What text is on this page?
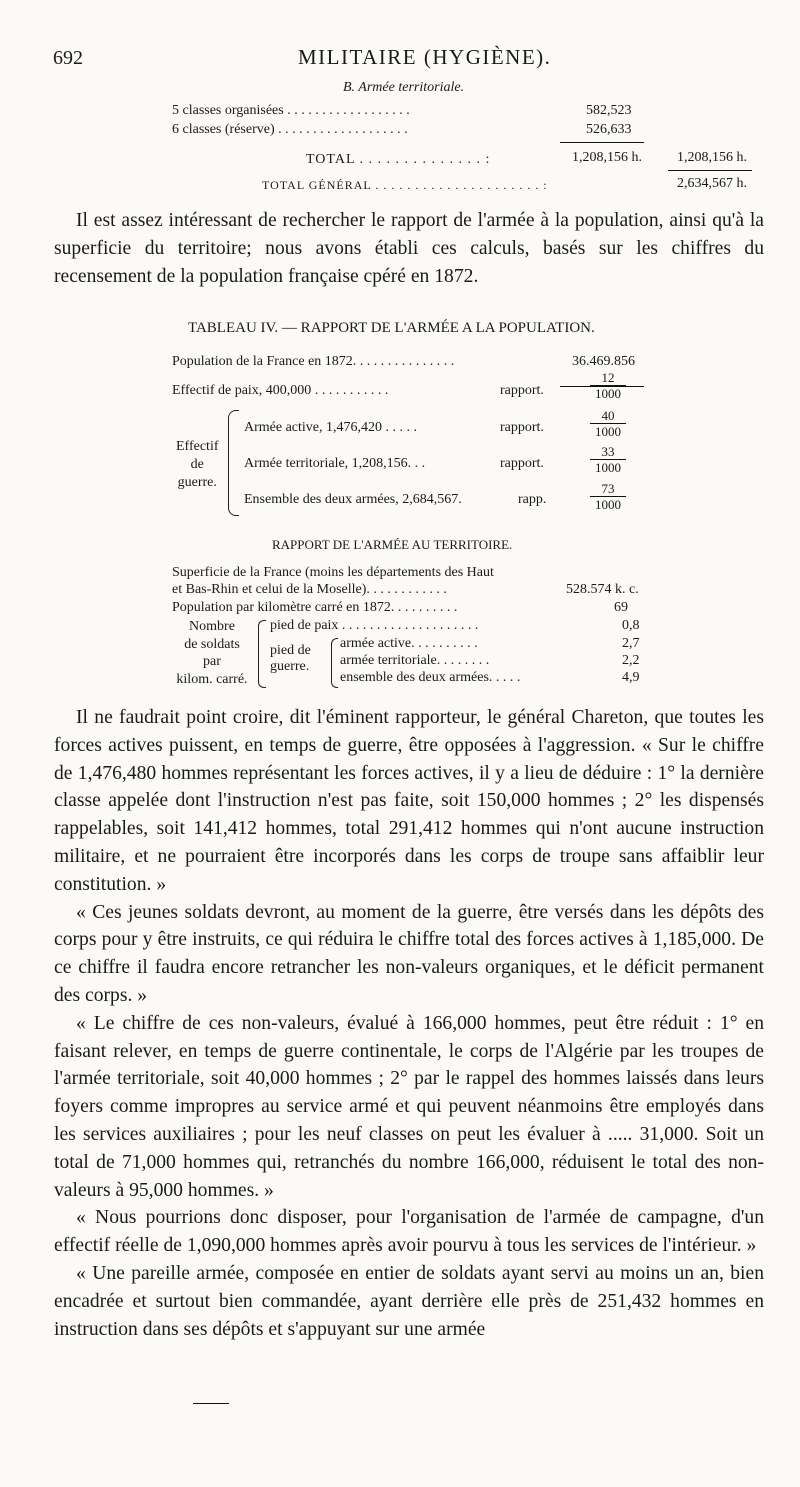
692	MILITAIRE (HYGIÈNE).
B. Armée territoriale.
5 classes organisées . . . . . . . . . . . . . . . . . .	582,523
6 classes (réserve) . . . . . . . . . . . . . . . . . . .	526,633
TOTAL . . . . . . . . . . . . . . :	1,208,156 h.	1,208,156 h.
TOTAL GÉNÉRAL . . . . . . . . . . . . . . . . . . . . . :	2,634,567 h.

Il est assez intéressant de rechercher le rapport de l'armée à la population, ainsi qu'à la superficie du territoire; nous avons établi ces calculs, basés sur les chiffres du recensement de la population française cpéré en 1872.

TABLEAU IV. — RAPPORT DE L'ARMÉE A LA POPULATION.
Population de la France en 1872. . . . . . . . . . . . . . .	36.469.856
Effectif de paix, 400,000 . . . . . . . . . . .	rapport.
12
1000
Effectif
de
guerre.
Armée active, 1,476,420 . . . . .	rapport.
40
1000
Armée territoriale, 1,208,156. . .	rapport.
33
1000
Ensemble des deux armées, 2,684,567.	rapp.
73
1000
RAPPORT DE L'ARMÉE AU TERRITOIRE.
Superficie de la France (moins les départements des Haut
et Bas-Rhin et celui de la Moselle). . . . . . . . . . . .	528.574 k. c.
Population par kilomètre carré en 1872. . . . . . . . . .	69
Nombre
de soldats
par
kilom. carré.
pied de paix . . . . . . . . . . . . . . . . . . . .	0,8
pied de
guerre.
armée active. . . . . . . . . .	2,7
armée territoriale. . . . . . . .	2,2
ensemble des deux armées. . . . .	4,9

Il ne faudrait point croire, dit l'éminent rapporteur, le général Chareton, que toutes les forces actives puissent, en temps de guerre, être opposées à l'aggression. « Sur le chiffre de 1,476,480 hommes représentant les forces actives, il y a lieu de déduire : 1° la dernière classe appelée dont l'instruction n'est pas faite, soit 150,000 hommes ; 2° les dispensés rappelables, soit 141,412 hommes, total 291,412 hommes qui n'ont aucune instruction militaire, et ne pourraient être incorporés dans les corps de troupe sans affaiblir leur constitution. »

« Ces jeunes soldats devront, au moment de la guerre, être versés dans les dépôts des corps pour y être instruits, ce qui réduira le chiffre total des forces actives à 1,185,000. De ce chiffre il faudra encore retrancher les non-valeurs organiques, et le déficit permanent des corps. »

« Le chiffre de ces non-valeurs, évalué à 166,000 hommes, peut être réduit : 1° en faisant relever, en temps de guerre continentale, le corps de l'Algérie par les troupes de l'armée territoriale, soit 40,000 hommes ; 2° par le rappel des hommes laissés dans leurs foyers comme impropres au service armé et qui peuvent néanmoins être employés dans les services auxiliaires ; pour les neuf classes on peut les évaluer à ..... 31,000. Soit un total de 71,000 hommes qui, retranchés du nombre 166,000, réduisent le total des non-valeurs à 95,000 hommes. »

« Nous pourrions donc disposer, pour l'organisation de l'armée de campagne, d'un effectif réelle de 1,090,000 hommes après avoir pourvu à tous les services de l'intérieur. »

« Une pareille armée, composée en entier de soldats ayant servi au moins un an, bien encadrée et surtout bien commandée, ayant derrière elle près de 251,432 hommes en instruction dans ses dépôts et s'appuyant sur une armée
